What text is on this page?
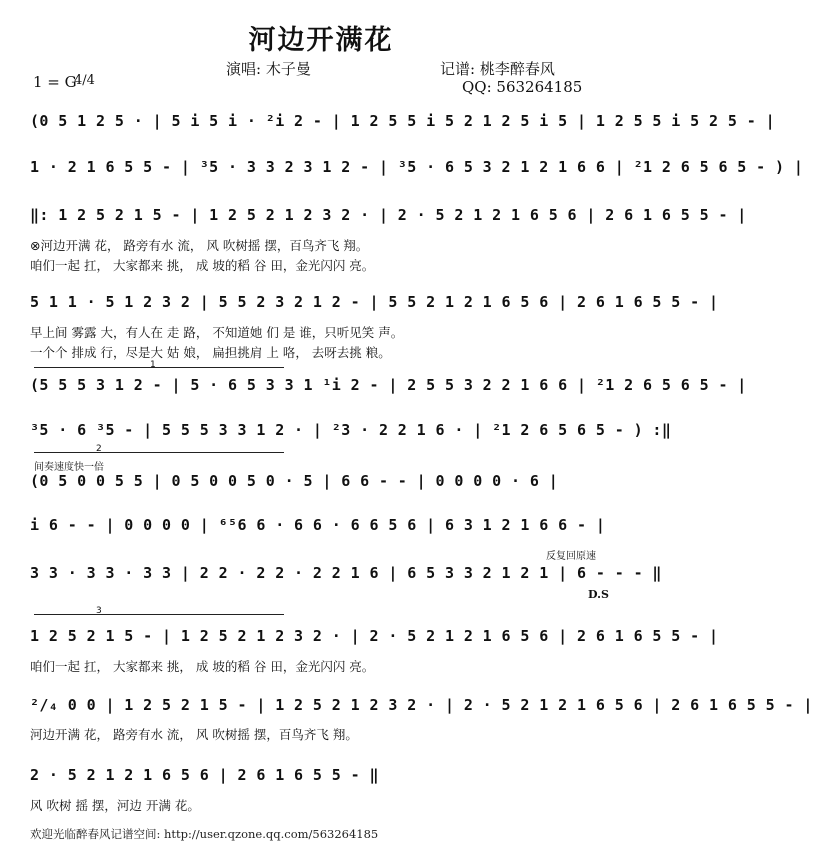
河边开满花
演唱: 木子曼	记谱: 桃李醉春风
QQ: 563264185
1 = G
4/4
(0 5 1 2 5 · | 5 i 5 i · ²i 2 - | 1 2 5 5 i 5 2 1 2 5 i 5 | 1 2 5 5 i 5 2 5 - |
1 · 2 1 6 5 5 - | ³5 · 3 3 2 3 1 2 - | ³5 · 6 5 3 2 1 2 1 6 6 | ²1 2 6 5 6 5 - ) |
‖: 1 2 5 2 1 5 - | 1 2 5 2 1 2 3 2 · | 2 · 5 2 1 2 1 6 5 6 | 2 6 1 6 5 5 - |
⊗河边开满 花， 路旁有水 流， 风 吹树摇 摆，百鸟齐飞 翔。
咱们一起 扛， 大家都来 挑， 成 坡的稻 谷 田，金光闪闪 亮。
5 1 1 · 5 1 2 3 2 | 5 5 2 3 2 1 2 - | 5 5 2 1 2 1 6 5 6 | 2 6 1 6 5 5 - |
早上间 雾露 大，有人在 走 路， 不知道她 们 是 谁，只听见笑 声。
一个个 排成 行，尽是大 姑 娘， 扁担挑肩 上 咯， 去呀去挑 粮。
1
(5 5 5 3 1 2 - | 5 · 6 5 3 3 1 ¹i 2 - | 2 5 5 3 2 2 1 6 6 | ²1 2 6 5 6 5 - |
³5 · 6 ³5 - | 5 5 5 3 3 1 2 · | ²3 · 2 2 1 6 · | ²1 2 6 5 6 5 - ) :‖
2
间奏速度快一倍
(0 5 0 0 5 5 | 0 5 0 0 5 0 · 5 | 6 6 - - | 0 0 0 0 · 6 |
i 6 - - | 0 0 0 0 | ⁶⁵6 6 · 6 6 · 6 6 5 6 | 6 3 1 2 1 6 6 - |
反复回原速
3 3 · 3 3 · 3 3 | 2 2 · 2 2 · 2 2 1 6 | 6 5 3 3 2 1 2 1 | 6 - - - ‖
D.S
3
1 2 5 2 1 5 - | 1 2 5 2 1 2 3 2 · | 2 · 5 2 1 2 1 6 5 6 | 2 6 1 6 5 5 - |
咱们一起 扛， 大家都来 挑， 成 坡的稻 谷 田，金光闪闪 亮。
²/₄ 0 0 | 1 2 5 2 1 5 - | 1 2 5 2 1 2 3 2 · | 2 · 5 2 1 2 1 6 5 6 | 2 6 1 6 5 5 - |
河边开满 花， 路旁有水 流， 风 吹树摇 摆，百鸟齐飞 翔。
2 · 5 2 1 2 1 6 5 6 | 2 6 1 6 5 5 - ‖
风 吹树 摇 摆，河边 开满 花。
欢迎光临醉春风记谱空间: http://user.qzone.qq.com/563264185
